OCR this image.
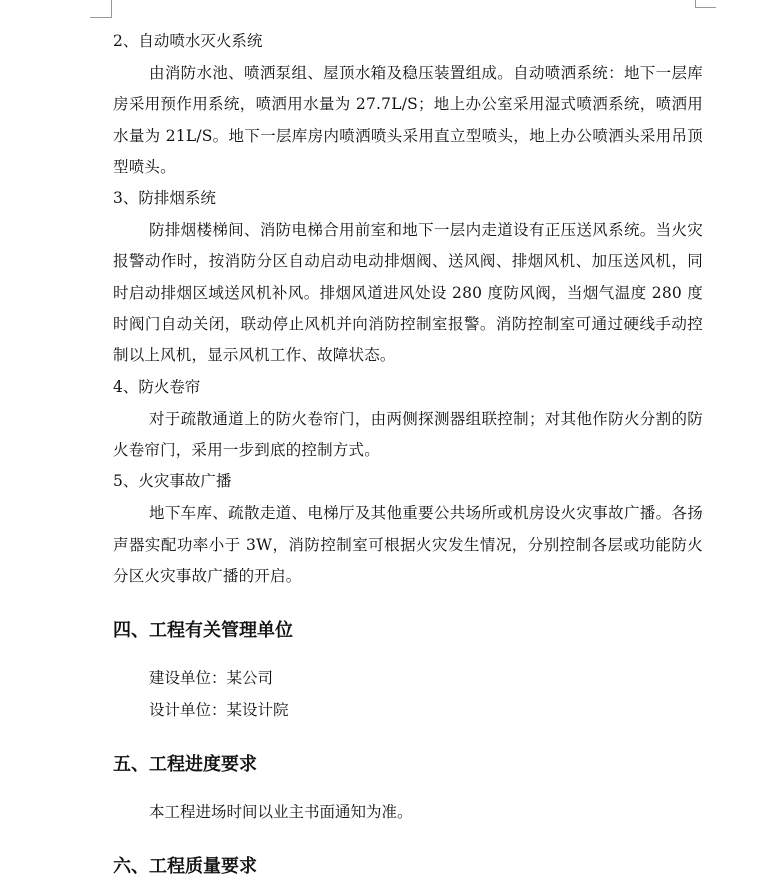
2、自动喷水灭火系统

由消防水池、喷洒泵组、屋顶水箱及稳压装置组成。自动喷洒系统：地下一层库房采用预作用系统，喷洒用水量为 27.7L/S；地上办公室采用湿式喷洒系统，喷洒用水量为 21L/S。地下一层库房内喷洒喷头采用直立型喷头，地上办公喷洒头采用吊顶型喷头。

3、防排烟系统

防排烟楼梯间、消防电梯合用前室和地下一层内走道设有正压送风系统。当火灾报警动作时，按消防分区自动启动电动排烟阀、送风阀、排烟风机、加压送风机，同时启动排烟区域送风机补风。排烟风道进风处设 280 度防风阀，当烟气温度 280 度时阀门自动关闭，联动停止风机并向消防控制室报警。消防控制室可通过硬线手动控制以上风机，显示风机工作、故障状态。

4、防火卷帘

对于疏散通道上的防火卷帘门，由两侧探测器组联控制；对其他作防火分割的防火卷帘门，采用一步到底的控制方式。

5、火灾事故广播

地下车库、疏散走道、电梯厅及其他重要公共场所或机房设火灾事故广播。各扬声器实配功率小于 3W，消防控制室可根据火灾发生情况，分别控制各层或功能防火分区火灾事故广播的开启。

四、工程有关管理单位

建设单位：某公司

设计单位：某设计院

五、工程进度要求

本工程进场时间以业主书面通知为准。

六、工程质量要求
